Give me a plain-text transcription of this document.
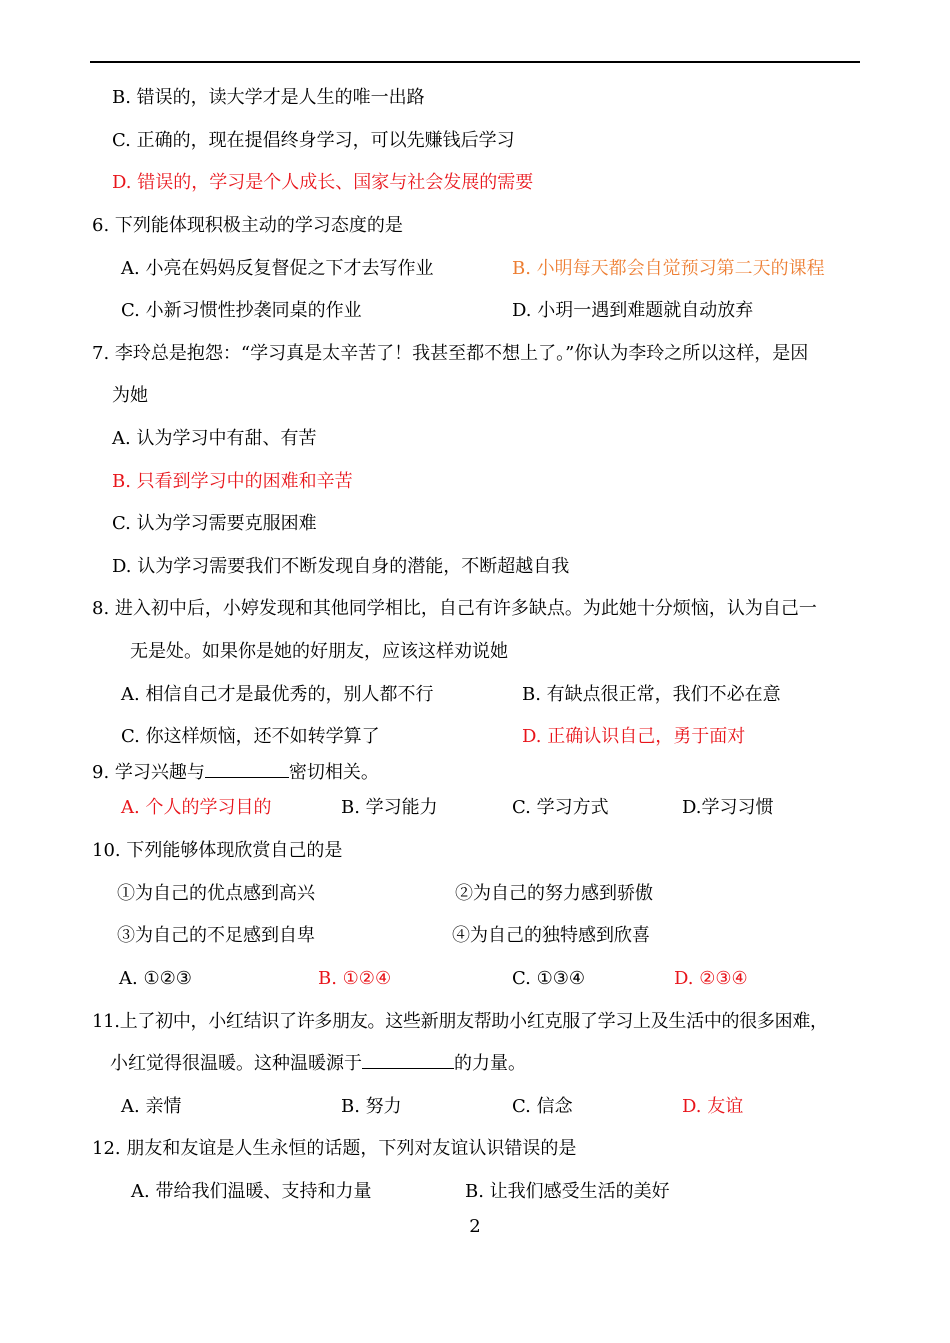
B. 错误的，读大学才是人生的唯一出路
C. 正确的，现在提倡终身学习，可以先赚钱后学习
D. 错误的，学习是个人成长、国家与社会发展的需要
6. 下列能体现积极主动的学习态度的是
A. 小亮在妈妈反复督促之下才去写作业	B. 小明每天都会自觉预习第二天的课程
C. 小新习惯性抄袭同桌的作业	D. 小玥一遇到难题就自动放弃
7. 李玲总是抱怨：“学习真是太辛苦了！我甚至都不想上了。”你认为李玲之所以这样，是因
为她
A. 认为学习中有甜、有苦
B. 只看到学习中的困难和辛苦
C. 认为学习需要克服困难
D. 认为学习需要我们不断发现自身的潜能，不断超越自我
8. 进入初中后，小婷发现和其他同学相比，自己有许多缺点。为此她十分烦恼，认为自己一
无是处。如果你是她的好朋友，应该这样劝说她
A. 相信自己才是最优秀的，别人都不行	B. 有缺点很正常，我们不必在意
C. 你这样烦恼，还不如转学算了	D. 正确认识自己，勇于面对
9. 学习兴趣与	密切相关。
A. 个人的学习目的	B. 学习能力	C. 学习方式	D.学习习惯
10. 下列能够体现欣赏自己的是
①为自己的优点感到高兴	②为自己的努力感到骄傲
③为自己的不足感到自卑	④为自己的独特感到欣喜
A. ①②③	B. ①②④	C. ①③④	D. ②③④
11.上了初中，小红结识了许多朋友。这些新朋友帮助小红克服了学习上及生活中的很多困难，
小红觉得很温暖。这种温暖源于	的力量。
A. 亲情	B. 努力	C. 信念	D. 友谊
12. 朋友和友谊是人生永恒的话题，下列对友谊认识错误的是
A. 带给我们温暖、支持和力量	B. 让我们感受生活的美好
2
